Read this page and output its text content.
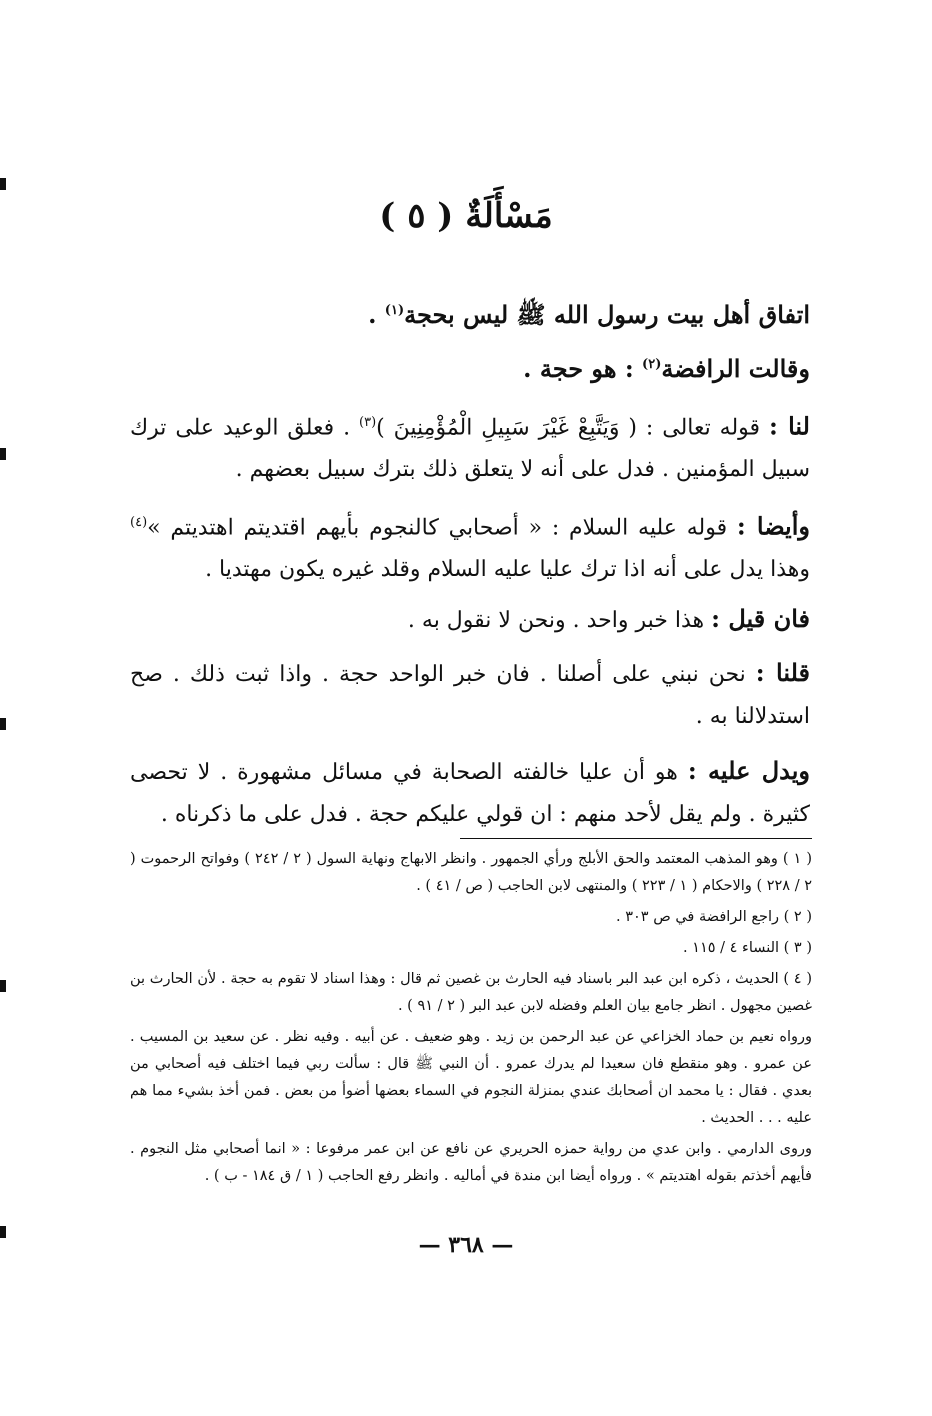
مَسْأَلَةٌ ( ٥ )
اتفاق أهل بيت رسول الله ﷺ ليس بحجة$^{(١)}$ .
وقالت الرافضة$^{(٢)}$ : هو حجة .
لنا : قوله تعالى : ( وَيَتَّبِعْ غَيْرَ سَبِيلِ الْمُؤْمِنِينَ )$^{(٣)}$ . فعلق الوعيد على ترك سبيل المؤمنين . فدل على أنه لا يتعلق ذلك بترك سبيل بعضهم .
وأيضا : قوله عليه السلام : « أصحابي كالنجوم بأيهم اقتديتم اهتديتم »$^{(٤)}$ وهذا يدل على أنه اذا ترك عليا عليه السلام وقلد غيره يكون مهتديا .
فان قيل : هذا خبر واحد . ونحن لا نقول به .
قلنا : نحن نبني على أصلنا . فان خبر الواحد حجة . واذا ثبت ذلك . صح استدلالنا به .
ويدل عليه : هو أن عليا خالفته الصحابة في مسائل مشهورة . لا تحصى كثيرة . ولم يقل لأحد منهم : ان قولي عليكم حجة . فدل على ما ذكرناه .
( ١ ) وهو المذهب المعتمد والحق الأبلج ورأي الجمهور . وانظر الابهاج ونهاية السول ( ٢ / ٢٤٢ ) وفواتح الرحموت ( ٢ / ٢٢٨ ) والاحكام ( ١ / ٢٢٣ ) والمنتهى لابن الحاجب ( ص / ٤١ ) .
( ٢ ) راجع الرافضة في ص ٣٠٣ .
( ٣ ) النساء ٤ / ١١٥ .
( ٤ ) الحديث ، ذكره ابن عبد البر باسناد فيه الحارث بن غصين ثم قال : وهذا اسناد لا تقوم به حجة . لأن الحارث بن غصين مجهول . انظر جامع بيان العلم وفضله لابن عبد البر ( ٢ / ٩١ ) .
ورواه نعيم بن حماد الخزاعي عن عبد الرحمن بن زيد . وهو ضعيف . عن أبيه . وفيه نظر . عن سعيد بن المسيب . عن عمرو . وهو منقطع فان سعيدا لم يدرك عمرو . أن النبي ﷺ قال : سألت ربي فيما اختلف فيه أصحابي من بعدي . فقال : يا محمد ان أصحابك عندي بمنزلة النجوم في السماء بعضها أضوأ من بعض . فمن أخذ بشيء مما هم عليه . . . الحديث .
وروى الدارمي . وابن عدي من رواية حمزه الحريري عن نافع عن ابن عمر مرفوعا : « انما أصحابي مثل النجوم . فأيهم أخذتم بقوله اهتديتم » . ورواه أيضا ابن مندة في أماليه . وانظر رفع الحاجب ( ١ / ق ١٨٤ - ب ) .
— ٣٦٨ —
